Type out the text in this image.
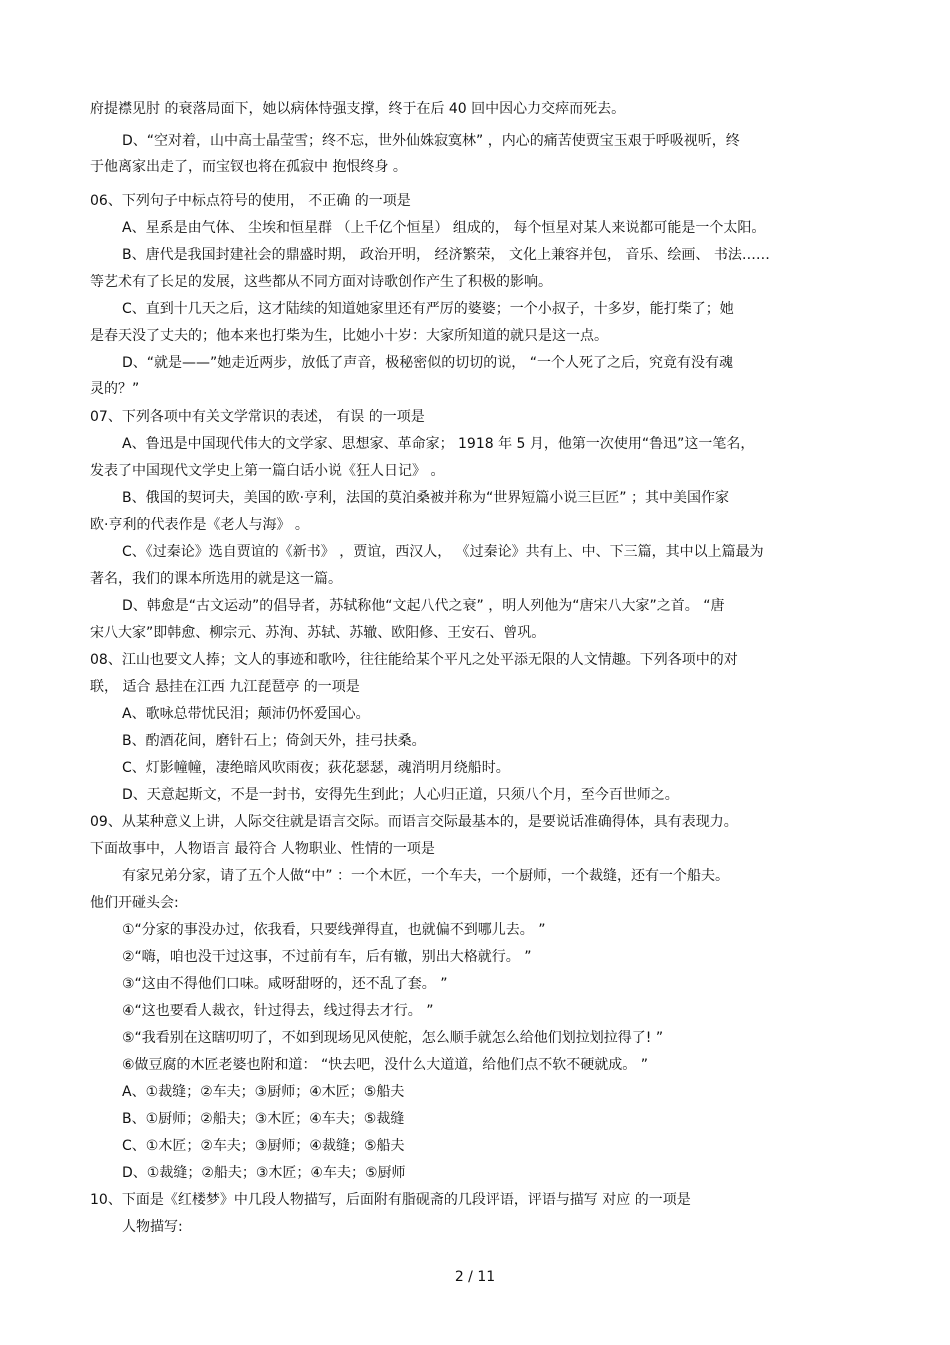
府提襟见肘 的衰落局面下，她以病体恃强支撑，终于在后 40 回中因心力交瘁而死去。
D、“空对着，山中高士晶莹雪；终不忘，世外仙姝寂寞林” ，内心的痛苦使贾宝玉艰于呼吸视听，终
于他离家出走了，而宝钗也将在孤寂中 抱恨终身 。
06、下列句子中标点符号的使用， 不正确 的一项是
A、星系是由气体、 尘埃和恒星群 （上千亿个恒星） 组成的， 每个恒星对某人来说都可能是一个太阳。
B、唐代是我国封建社会的鼎盛时期， 政治开明， 经济繁荣， 文化上兼容并包， 音乐、绘画、 书法……
等艺术有了长足的发展，这些都从不同方面对诗歌创作产生了积极的影响。
C、直到十几天之后，这才陆续的知道她家里还有严厉的婆婆；一个小叔子，十多岁，能打柴了；她
是春天没了丈夫的；他本来也打柴为生，比她小十岁：大家所知道的就只是这一点。
D、“就是——”她走近两步，放低了声音，极秘密似的切切的说， “一个人死了之后，究竟有没有魂
灵的？”
07、下列各项中有关文学常识的表述， 有误 的一项是
A、鲁迅是中国现代伟大的文学家、思想家、革命家； 1918 年 5 月，他第一次使用“鲁迅”这一笔名，
发表了中国现代文学史上第一篇白话小说《狂人日记》 。
B、俄国的契诃夫，美国的欧·亨利，法国的莫泊桑被并称为“世界短篇小说三巨匠” ；其中美国作家
欧·亨利的代表作是《老人与海》 。
C、《过秦论》选自贾谊的《新书》 ，贾谊，西汉人， 《过秦论》共有上、中、下三篇，其中以上篇最为
著名，我们的课本所选用的就是这一篇。
D、韩愈是“古文运动”的倡导者，苏轼称他“文起八代之衰” ，明人列他为“唐宋八大家”之首。 “唐
宋八大家”即韩愈、柳宗元、苏洵、苏轼、苏辙、欧阳修、王安石、曾巩。
08、江山也要文人捧；文人的事迹和歌吟，往往能给某个平凡之处平添无限的人文情趣。下列各项中的对
联， 适合 悬挂在江西 九江琵琶亭 的一项是
A、歌咏总带忧民泪；颠沛仍怀爱国心。
B、酌酒花间，磨针石上；倚剑天外，挂弓扶桑。
C、灯影幢幢，凄绝暗风吹雨夜；荻花瑟瑟，魂消明月绕船时。
D、天意起斯文，不是一封书，安得先生到此；人心归正道，只须八个月，至今百世师之。
09、从某种意义上讲，人际交往就是语言交际。而语言交际最基本的，是要说话准确得体，具有表现力。
下面故事中，人物语言 最符合 人物职业、性情的一项是
有家兄弟分家，请了五个人做“中” ：一个木匠，一个车夫，一个厨师，一个裁缝，还有一个船夫。
他们开碰头会:
①“分家的事没办过，依我看，只要线弹得直，也就偏不到哪儿去。 ”
②“嗨，咱也没干过这事，不过前有车，后有辙，别出大格就行。 ”
③“这由不得他们口味。咸呀甜呀的，还不乱了套。 ”
④“这也要看人裁衣，针过得去，线过得去才行。 ”
⑤“我看别在这瞎叨叨了，不如到现场见风使舵，怎么顺手就怎么给他们划拉划拉得了! ”
⑥做豆腐的木匠老婆也附和道： “快去吧，没什么大道道，给他们点不软不硬就成。 ”
A、①裁缝；②车夫；③厨师；④木匠；⑤船夫
B、①厨师；②船夫；③木匠；④车夫；⑤裁缝
C、①木匠；②车夫；③厨师；④裁缝；⑤船夫
D、①裁缝；②船夫；③木匠；④车夫；⑤厨师
10、下面是《红楼梦》中几段人物描写，后面附有脂砚斋的几段评语，评语与描写 对应 的一项是
人物描写:
2 / 11
